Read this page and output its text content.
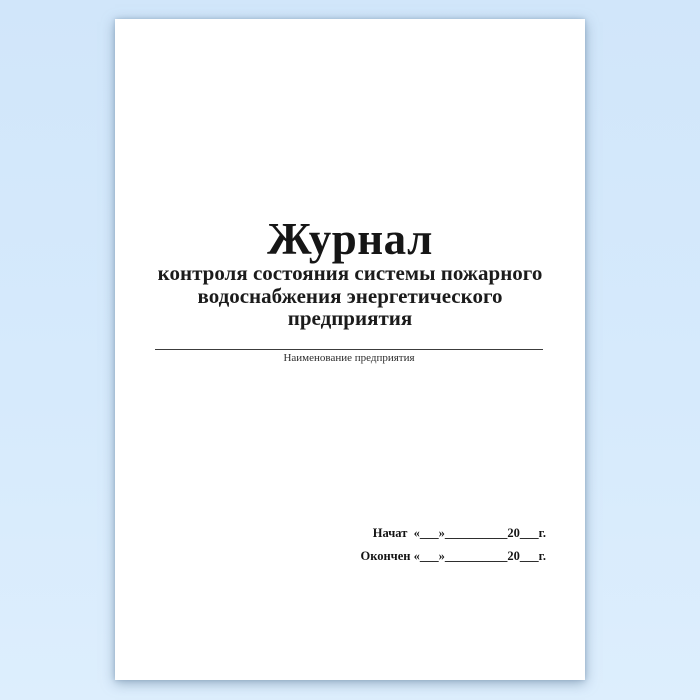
Журнал
контроля состояния системы пожарного
водоснабжения энергетического
предприятия
Наименование предприятия
Начат  «___»__________20___г.
Окончен «___»__________20___г.
